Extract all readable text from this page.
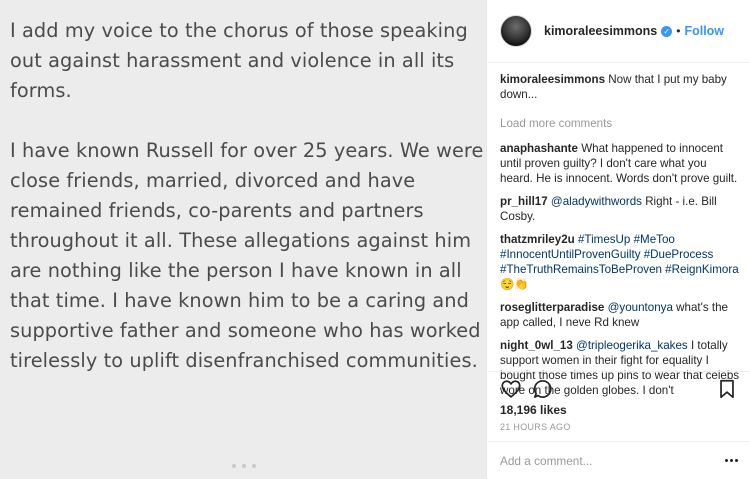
I add my voice to the chorus of those speaking out against harassment and violence in all its forms.

I have known Russell for over 25 years. We were close friends, married, divorced and have remained friends, co-parents and partners throughout it all. These allegations against him are nothing like the person I have known in all that time. I have known him to be a caring and supportive father and someone who has worked tirelessly to uplift disenfranchised communities.

kimoraleesimmons ✓ • Follow
kimoraleesimmons Now that I put my baby down...
Load more comments
anaphashante What happened to innocent until proven guilty? I don't care what you heard. He is innocent. Words don't prove guilt.
pr_hill17 @aladywithwords Right - i.e. Bill Cosby.
thatzmriley2u #TimesUp #MeToo #InnocentUntilProvenGuilty #DueProcess #TheTruthRemainsToBeProven #ReignKimora 😌👏
roseglitterparadise @yountonya what's the app called, I neve Rd knew
night_0wl_13 @tripleogerika_kakes I totally support women in their fight for equality I bought those times up pins to wear that celebs wore on the golden globes. I don't
18,196 likes
21 HOURS AGO
Add a comment...
